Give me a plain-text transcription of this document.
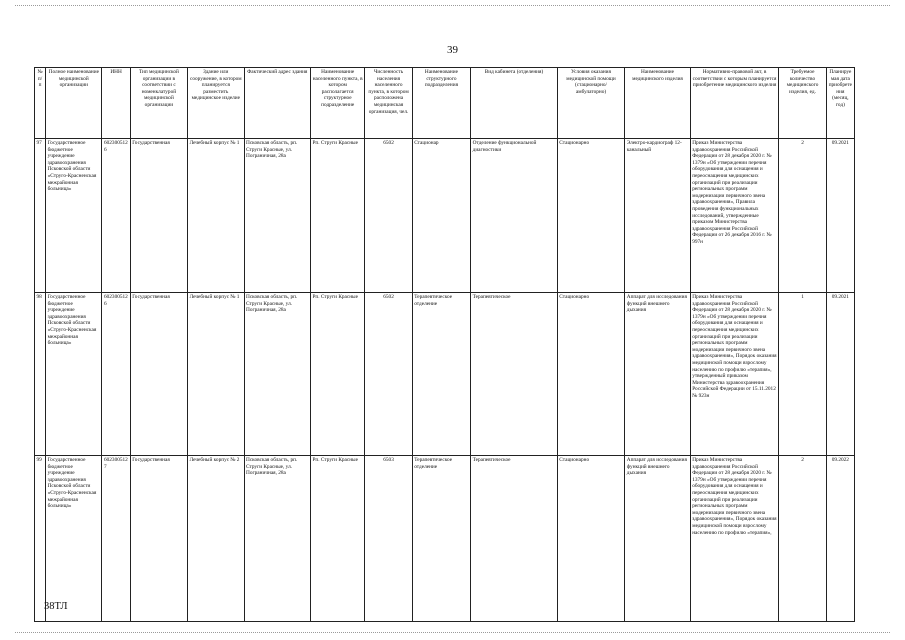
39
№ п/п	Полное наименование медицинской организации	ИНН	Тип медицинской организации в соответствии с номенклатурой медицинской организации	Здание или сооружение, в котором планируется разместить медицинское изделие	Фактический адрес здания	Наименование населенного пункта, в котором располагается структурное подразделение	Численность населения населенного пункта, в котором расположена медицинская организация, чел.	Наименование структурного подразделения	Вид кабинета (отделения)	Условия оказания медицинской помощи (стационарно/ амбулаторно)	Наименование медицинского изделия	Нормативно-правовой акт, в соответствии с которым планируется приобретение медицинского изделия	Требуемое количество медицинского изделия, ед.	Планируемая дата приобретения (месяц, год)
97	Государственное бюджетное учреждение здравоохранения Псковской области «Струго-Красненская межрайонная больница»	6023005126	Государственная	Лечебный корпус № 1	Псковская область, рп. Струги Красные, ул. Пограничная, 28а	Рп. Струги Красные	6502	Стационар	Отделение функциональной диагностики	Стационарно	Электро-кардиограф 12-канальный	Приказ Министерства здравоохранения Российской Федерации от 28 декабря 2020 г. № 1379н «Об утверждении перечня оборудования для оснащения и переоснащения медицинских организаций при реализации региональных программ модернизации первичного звена здравоохранения», Правила проведения функциональных исследований, утвержденные приказом Министерства здравоохранения Российской Федерации от 26 декабря 2016 г. № 997н	2	09.2021
98	Государственное бюджетное учреждение здравоохранения Псковской области «Струго-Красненская межрайонная больница»	6023005126	Государственная	Лечебный корпус № 1	Псковская область, рп. Струги Красные, ул. Пограничная, 28а	Рп. Струги Красные	6502	Терапевтическое отделение	Терапевтическое	Стационарно	Аппарат для исследования функций внешнего дыхания	Приказ Министерства здравоохранения Российской Федерации от 28 декабря 2020 г. № 1379н «Об утверждении перечня оборудования для оснащения и переоснащения медицинских организаций при реализации региональных программ модернизации первичного звена здравоохранения», Порядок оказания медицинской помощи взрослому населению по профилю «терапия», утвержденный приказом Министерства здравоохранения Российской Федерации от 15.11.2012 № 923н	1	09.2021
99	Государственное бюджетное учреждение здравоохранения Псковской области «Струго-Красненская межрайонная больница»	6023005127	Государственная	Лечебный корпус № 2	Псковская область, рп. Струги Красные, ул. Пограничная, 28а	Рп. Струги Красные	6503	Терапевтическое отделение	Терапевтическое	Стационарно	Аппарат для исследования функций внешнего дыхания	Приказ Министерства здравоохранения Российской Федерации от 28 декабря 2020 г. № 1379н «Об утверждении перечня оборудования для оснащения и переоснащения медицинских организаций при реализации региональных программ модернизации первичного звена здравоохранения», Порядок оказания медицинской помощи взрослому населению по профилю «терапия»,	2	09.2022
38ТЛ
